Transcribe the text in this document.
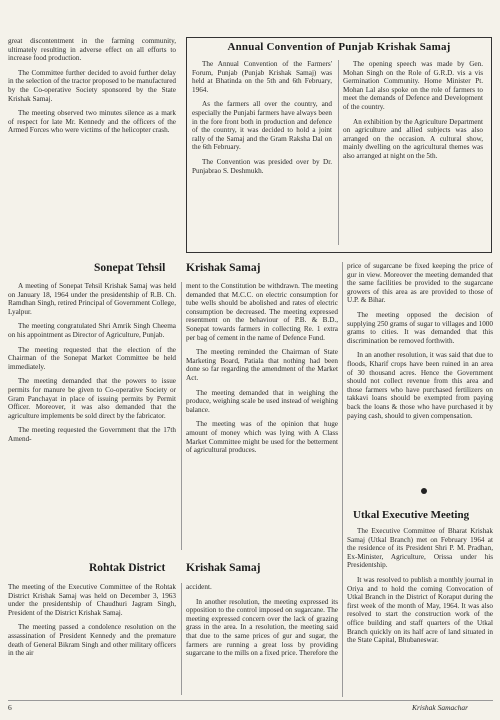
great discontentment in the farming community, ultimately resulting in adverse effect on all efforts to increase food production.

The Committee further decided to avoid further delay in the selection of the tractor proposed to be manufactured by the Co-operative Society sponsored by the State Krishak Samaj.

The meeting observed two minutes silence as a mark of respect for late Mr. Kennedy and the officers of the Armed Forces who were victims of the helicopter crash.

Annual Convention of Punjab Krishak Samaj

The Annual Convention of the Farmers' Forum, Punjab (Punjab Krishak Samaj) was held at Bhatinda on the 5th and 6th February, 1964.

As the farmers all over the country, and especially the Punjabi farmers have always been in the fore front both in production and defence of the country, it was decided to hold a joint rally of the Samaj and the Gram Raksha Dal on the 6th February.

The Convention was presided over by Dr. Punjabrao S. Deshmukh.

The opening speech was made by Gen. Mohan Singh on the Role of G.R.D. vis a vis Germination Community. Home Minister Pt. Mohan Lal also spoke on the role of farmers to meet the demands of Defence and Development of the country.

An exhibition by the Agriculture Department on agriculture and allied subjects was also arranged on the occasion. A cultural show, mainly dwelling on the agricultural themes was also arranged at night on the 5th.

Sonepat Tehsil Krishak Samaj

A meeting of Sonepat Tehsil Krishak Samaj was held on January 18, 1964 under the presidentship of R.B. Ch. Ramdhan Singh, retired Principal of Government College, Lyalpur.

The meeting congratulated Shri Amrik Singh Cheema on his appointment as Director of Agriculture, Punjab.

The meeting requested that the election of the Chairman of the Sonepat Market Committee be held immediately.

The meeting demanded that the powers to issue permits for manure be given to Co-operative Society or Gram Panchayat in place of issuing permits by Permit Officer. Moreover, it was also demanded that the agriculture implements be sold direct by the fabricator.

The meeting requested the Government that the 17th Amend-

ment to the Constitution be withdrawn. The meeting demanded that M.C.C. on electric consumption for tube wells should be abolished and rates of electric consumption be decreased. The meeting expressed resentment on the behaviour of P.B. & B.D., Sonepat towards farmers in collecting Re. 1 extra per bag of cement in the name of Defence Fund.

The meeting reminded the Chairman of State Marketing Board, Patiala that nothing had been done so far regarding the amendment of the Market Act.

The meeting demanded that in weighing the produce, weighing scale be used instead of weighing balance.

The meeting was of the opinion that huge amount of money which was lying with A Class Market Committee might be used for the betterment of agricultural produces.

price of sugarcane be fixed keeping the price of gur in view. Moreover the meeting demanded that the same facilities be provided to the sugarcane growers of this area as are provided to those of U.P. & Bihar.

The meeting opposed the decision of supplying 250 grams of sugar to villages and 1000 grams to cities. It was demanded that this discrimination be removed forthwith.

In an another resolution, it was said that due to floods, Kharif crops have been ruined in an area of 30 thousand acres. Hence the Government should not collect revenue from this area and those farmers who have purchased fertilizers on takkavi loans should be exempted from paying back the loans & those who have purchased it by paying cash, should to given compensation.

Utkal Executive Meeting

The Executive Committee of Bharat Krishak Samaj (Utkal Branch) met on February 1964 at the residence of its President Shri P. M. Pradhan, Ex-Minister, Agriculture, Orissa under his Presidentship.

It was resolved to publish a monthly journal in Oriya and to hold the coming Convocation of Utkal Branch in the District of Koraput during the first week of the month of May, 1964. It was also resolved to start the construction work of the office building and staff quarters of the Utkal Branch quickly on its half acre of land situated in the State Capital, Bhubaneswar.

Rohtak District Krishak Samaj

The meeting of the Executive Committee of the Rohtak District Krishak Samaj was held on December 3, 1963 under the presidentship of Chaudhuri Jagram Singh, President of the District Krishak Samaj.

The meeting passed a condolence resolution on the assassination of President Kennedy and the premature death of General Bikram Singh and other military officers in the air

accident.

In another resolution, the meeting expressed its opposition to the control imposed on sugarcane. The meeting expressed concern over the lack of grazing grass in the area. In a resolution, the meeting said that due to the same prices of gur and sugar, the farmers are running a great loss by providing sugarcane to the mills on a fixed price. Therefore the

6	Krishak Samachar
